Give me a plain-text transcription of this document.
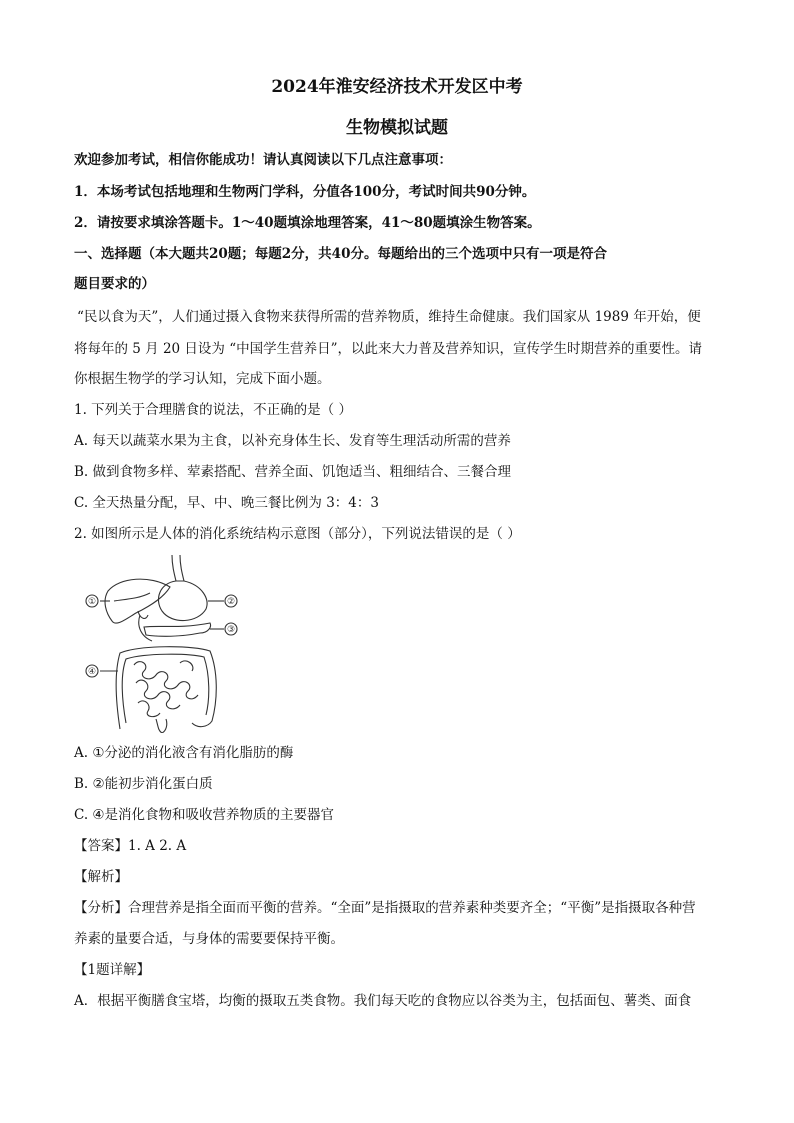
2024年淮安经济技术开发区中考
生物模拟试题
欢迎参加考试，相信你能成功！请认真阅读以下几点注意事项：
1．本场考试包括地理和生物两门学科，分值各100分，考试时间共90分钟。
2．请按要求填涂答题卡。1～40题填涂地理答案，41～80题填涂生物答案。
一、选择题（本大题共20题；每题2分，共40分。每题给出的三个选项中只有一项是符合
题目要求的）
“民以食为天”，人们通过摄入食物来获得所需的营养物质，维持生命健康。我们国家从 1989 年开始，便
将每年的 5 月 20 日设为 “中国学生营养日”，以此来大力普及营养知识，宣传学生时期营养的重要性。请
你根据生物学的学习认知，完成下面小题。
1. 下列关于合理膳食的说法，不正确的是（ ）
A. 每天以蔬菜水果为主食，以补充身体生长、发育等生理活动所需的营养
B. 做到食物多样、荤素搭配、营养全面、饥饱适当、粗细结合、三餐合理
C. 全天热量分配，早、中、晚三餐比例为 3：4：3
2. 如图所示是人体的消化系统结构示意图（部分），下列说法错误的是（ ）
①	②
③
④
A. ①分泌的消化液含有消化脂肪的酶
B. ②能初步消化蛋白质
C. ④是消化食物和吸收营养物质的主要器官
【答案】1. A 2. A
【解析】
【分析】合理营养是指全面而平衡的营养。“全面”是指摄取的营养素种类要齐全；“平衡”是指摄取各种营
养素的量要合适，与身体的需要要保持平衡。
【1题详解】
A．根据平衡膳食宝塔，均衡的摄取五类食物。我们每天吃的食物应以谷类为主，包括面包、薯类、面食
